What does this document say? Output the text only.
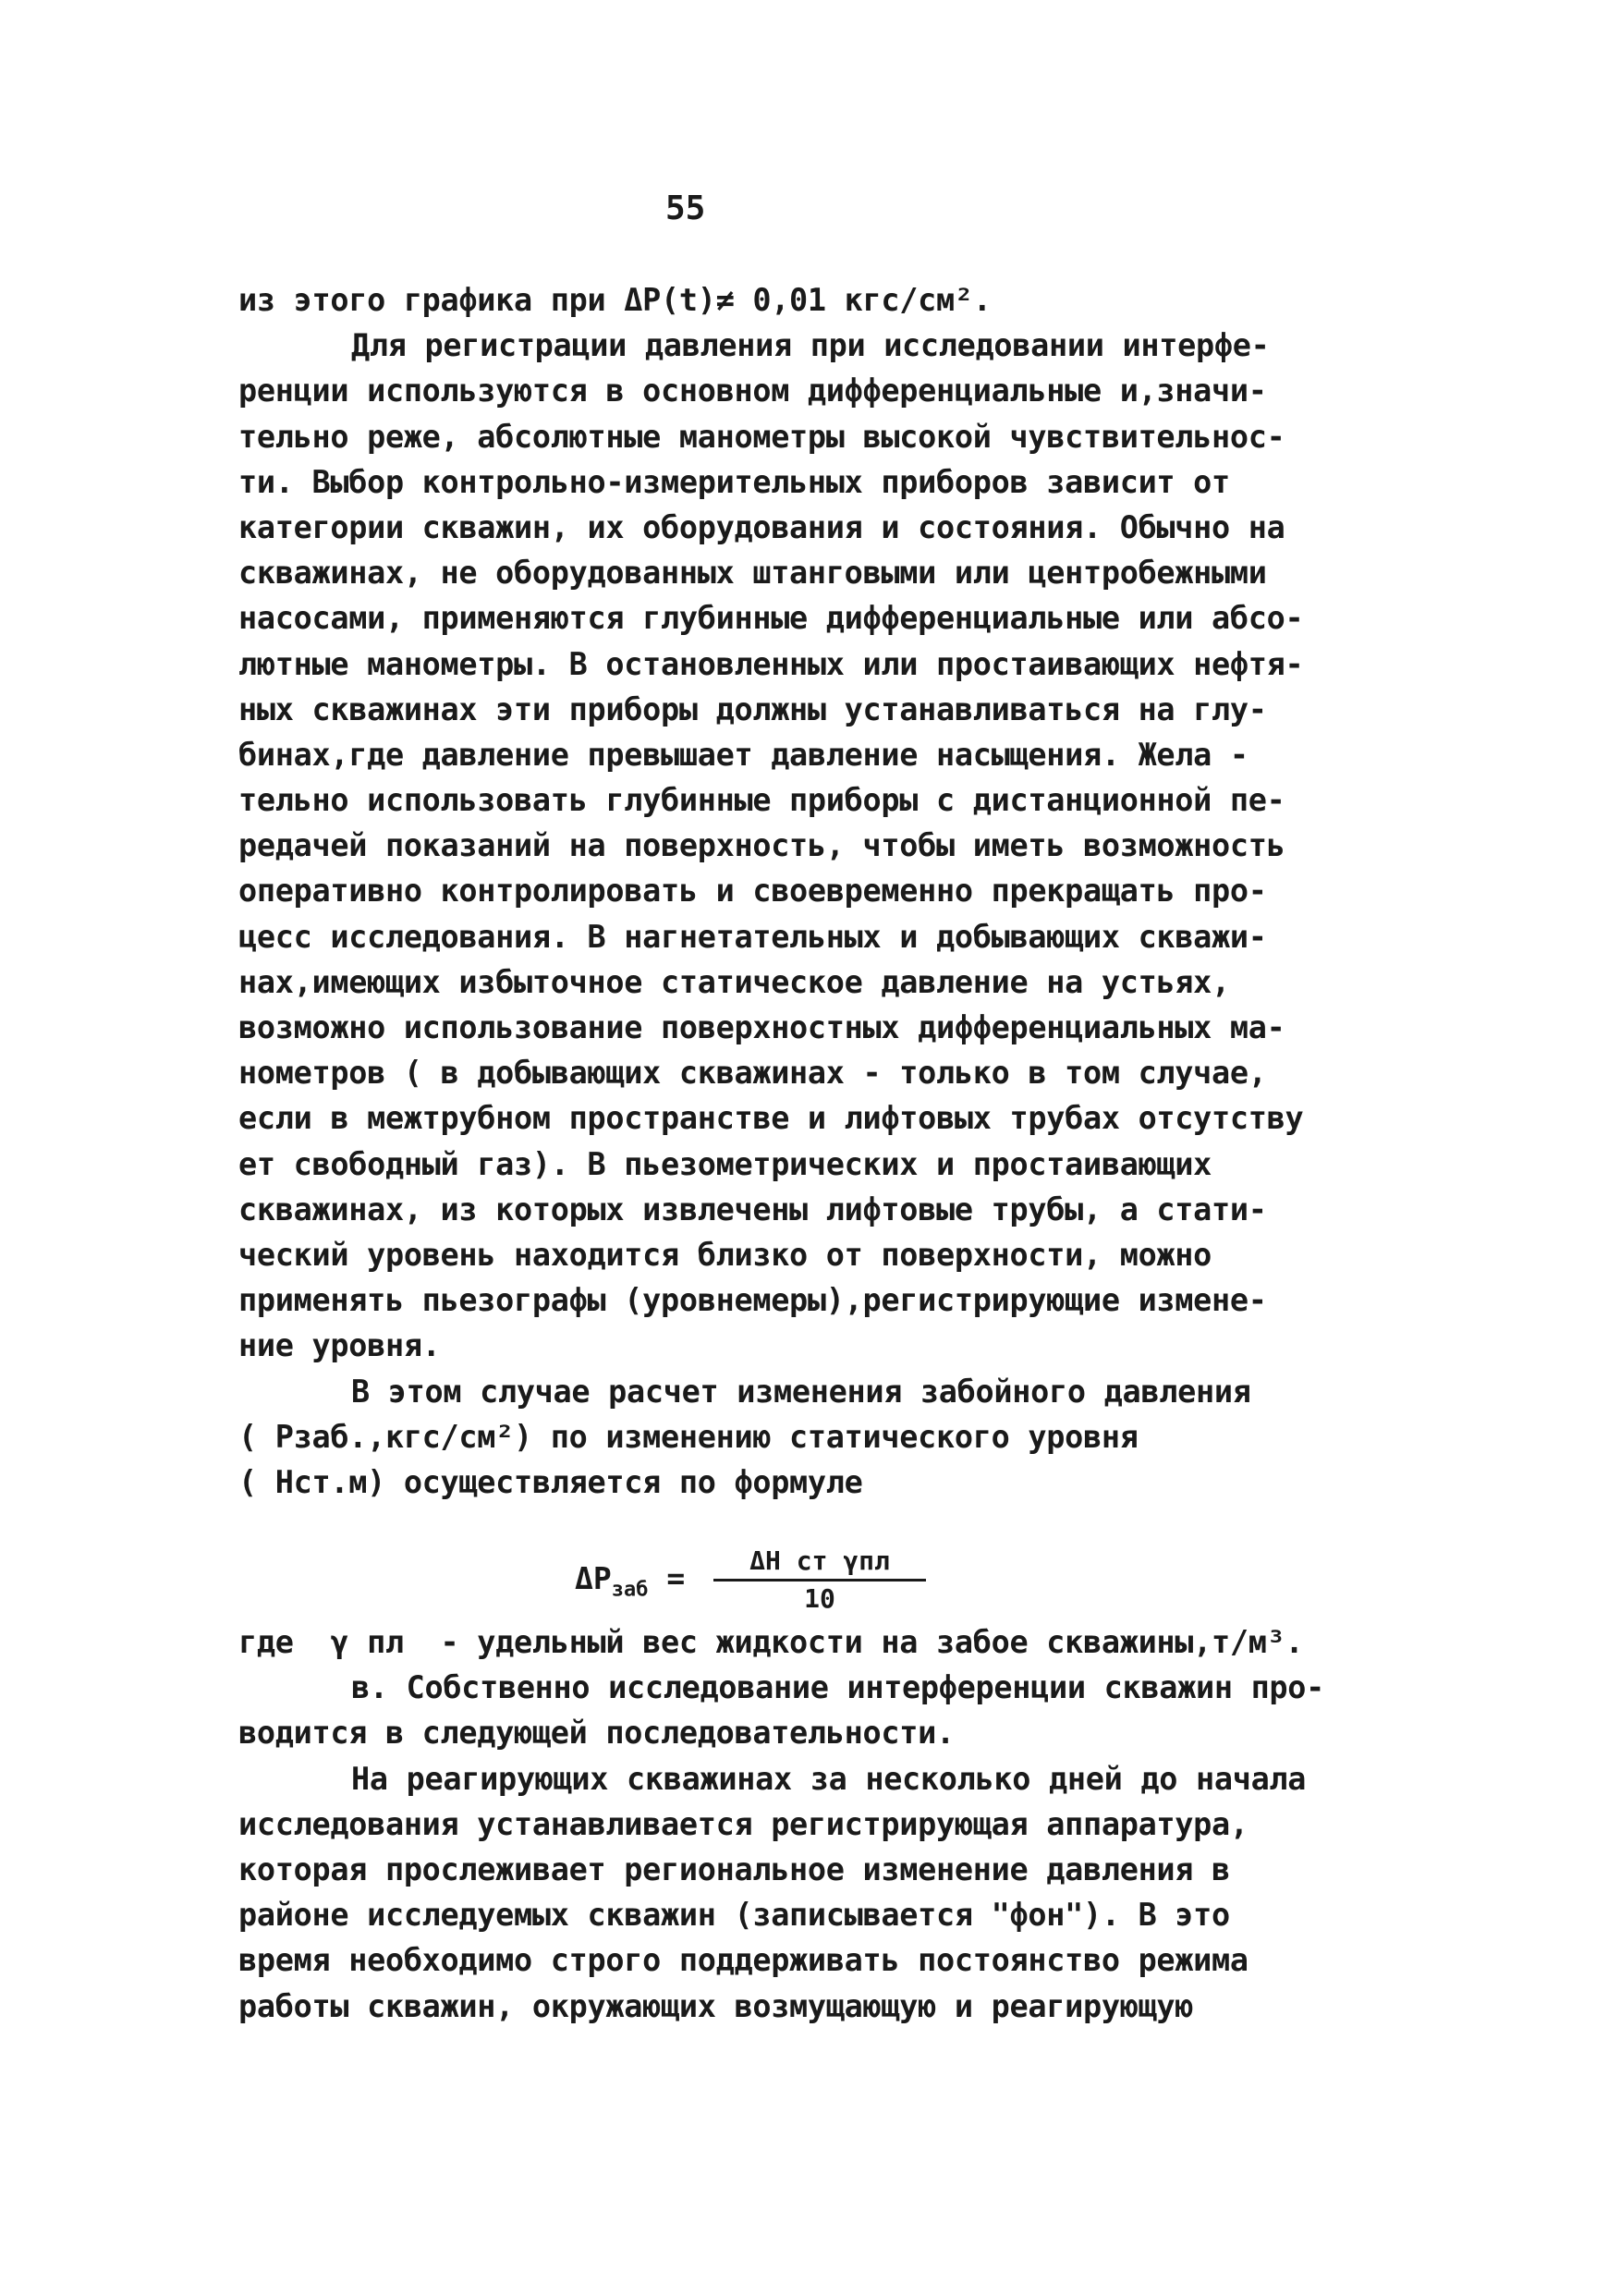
55
из этого графика при ΔP(t)≠ 0,01 кгс/см².
Для регистрации давления при исследовании интерфе-
ренции используются в основном дифференциальные и,значи-
тельно реже, абсолютные манометры высокой чувствительнос-
ти. Выбор контрольно-измерительных приборов зависит от
категории скважин, их оборудования и состояния. Обычно на
скважинах, не оборудованных штанговыми или центробежными
насосами, применяются глубинные дифференциальные или абсо-
лютные манометры. В остановленных или простаивающих нефтя-
ных скважинах эти приборы должны устанавливаться на глу-
бинах,где давление превышает давление насыщения. Жела -
тельно использовать глубинные приборы с дистанционной пе-
редачей показаний на поверхность, чтобы иметь возможность
оперативно контролировать и своевременно прекращать про-
цесс исследования. В нагнетательных и добывающих скважи-
нах,имеющих избыточное статическое давление на устьях,
возможно использование поверхностных дифференциальных ма-
нометров ( в добывающих скважинах - только в том случае,
если в межтрубном пространстве и лифтовых трубах отсутству
ет свободный газ). В пьезометрических и простаивающих
скважинах, из которых извлечены лифтовые трубы, а стати-
ческий уровень находится близко от поверхности, можно
применять пьезографы (уровнемеры),регистрирующие измене-
ние уровня.
В этом случае расчет изменения забойного давления
( Pзаб.,кгс/см²) по изменению статического уровня
( Hст.м) осуществляется по формуле
$\Delta P_{заб}$ =	ΔH ст γпл
10
где  γ пл  - удельный вес жидкости на забое скважины,т/м³.
в. Собственно исследование интерференции скважин про-
водится в следующей последовательности.
На реагирующих скважинах за несколько дней до начала
исследования устанавливается регистрирующая аппаратура,
которая прослеживает региональное изменение давления в
районе исследуемых скважин (записывается "фон"). В это
время необходимо строго поддерживать постоянство режима
работы скважин, окружающих возмущающую и реагирующую
